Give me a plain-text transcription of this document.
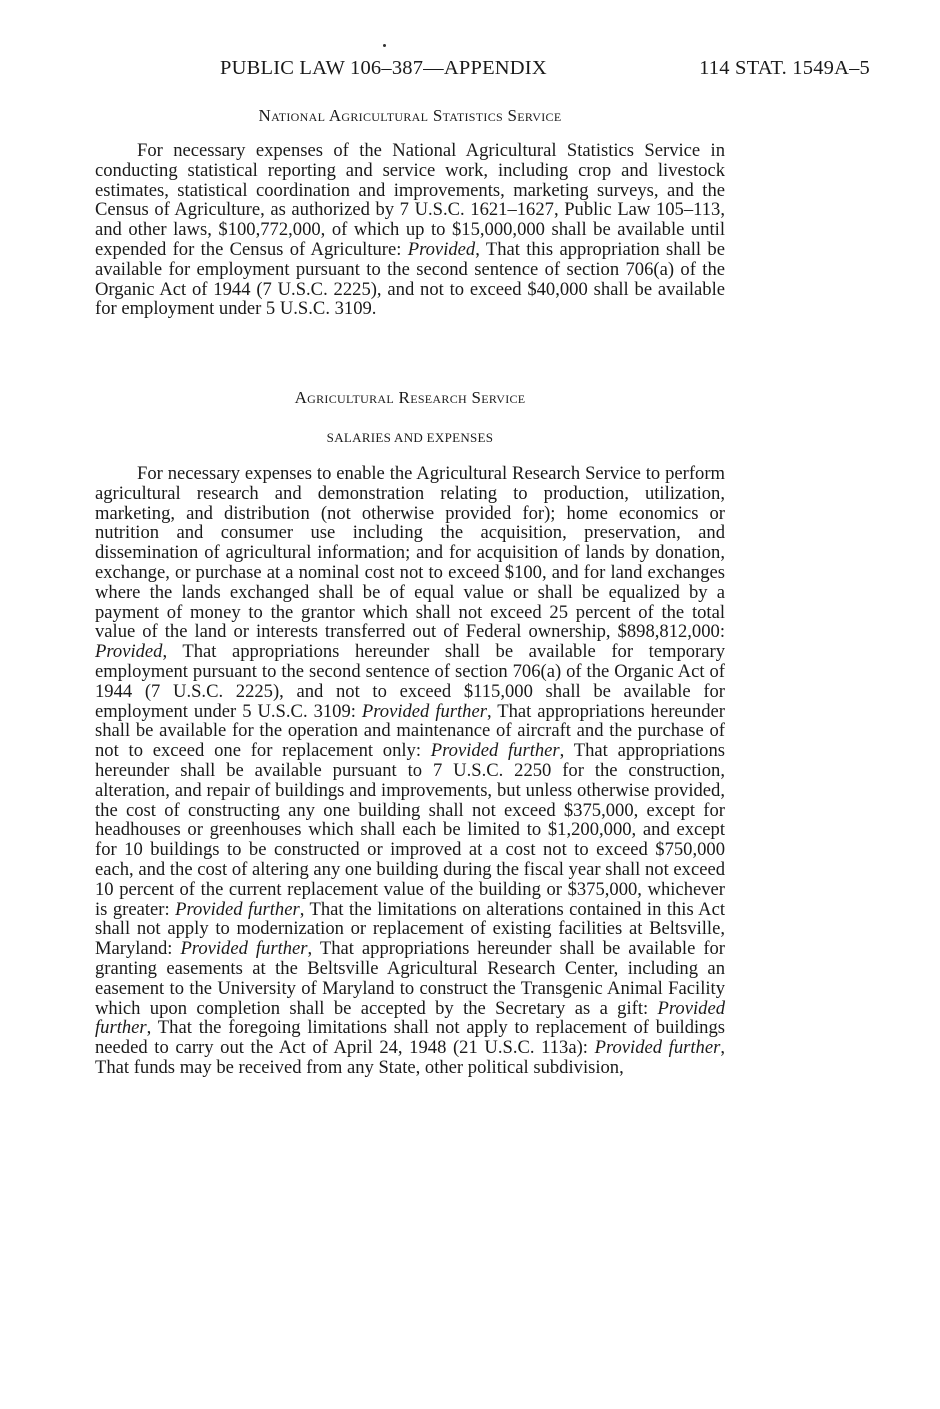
PUBLIC LAW 106–387—APPENDIX	114 STAT. 1549A–5
National Agricultural Statistics Service

For necessary expenses of the National Agricultural Statistics Service in conducting statistical reporting and service work, including crop and livestock estimates, statistical coordination and improvements, marketing surveys, and the Census of Agriculture, as authorized by 7 U.S.C. 1621–1627, Public Law 105–113, and other laws, $100,772,000, of which up to $15,000,000 shall be available until expended for the Census of Agriculture: Provided, That this appropriation shall be available for employment pursuant to the second sentence of section 706(a) of the Organic Act of 1944 (7 U.S.C. 2225), and not to exceed $40,000 shall be available for employment under 5 U.S.C. 3109.

Agricultural Research Service
SALARIES AND EXPENSES

For necessary expenses to enable the Agricultural Research Service to perform agricultural research and demonstration relating to production, utilization, marketing, and distribution (not otherwise provided for); home economics or nutrition and consumer use including the acquisition, preservation, and dissemination of agricultural information; and for acquisition of lands by donation, exchange, or purchase at a nominal cost not to exceed $100, and for land exchanges where the lands exchanged shall be of equal value or shall be equalized by a payment of money to the grantor which shall not exceed 25 percent of the total value of the land or interests transferred out of Federal ownership, $898,812,000: Provided, That appropriations hereunder shall be available for temporary employment pursuant to the second sentence of section 706(a) of the Organic Act of 1944 (7 U.S.C. 2225), and not to exceed $115,000 shall be available for employment under 5 U.S.C. 3109: Provided further, That appropriations hereunder shall be available for the operation and maintenance of aircraft and the purchase of not to exceed one for replacement only: Provided further, That appropriations hereunder shall be available pursuant to 7 U.S.C. 2250 for the construction, alteration, and repair of buildings and improvements, but unless otherwise provided, the cost of constructing any one building shall not exceed $375,000, except for headhouses or greenhouses which shall each be limited to $1,200,000, and except for 10 buildings to be constructed or improved at a cost not to exceed $750,000 each, and the cost of altering any one building during the fiscal year shall not exceed 10 percent of the current replacement value of the building or $375,000, whichever is greater: Provided further, That the limitations on alterations contained in this Act shall not apply to modernization or replacement of existing facilities at Beltsville, Maryland: Provided further, That appropriations hereunder shall be available for granting easements at the Beltsville Agricultural Research Center, including an easement to the University of Maryland to construct the Transgenic Animal Facility which upon completion shall be accepted by the Secretary as a gift: Provided further, That the foregoing limitations shall not apply to replacement of buildings needed to carry out the Act of April 24, 1948 (21 U.S.C. 113a): Provided further, That funds may be received from any State, other political subdivision,
